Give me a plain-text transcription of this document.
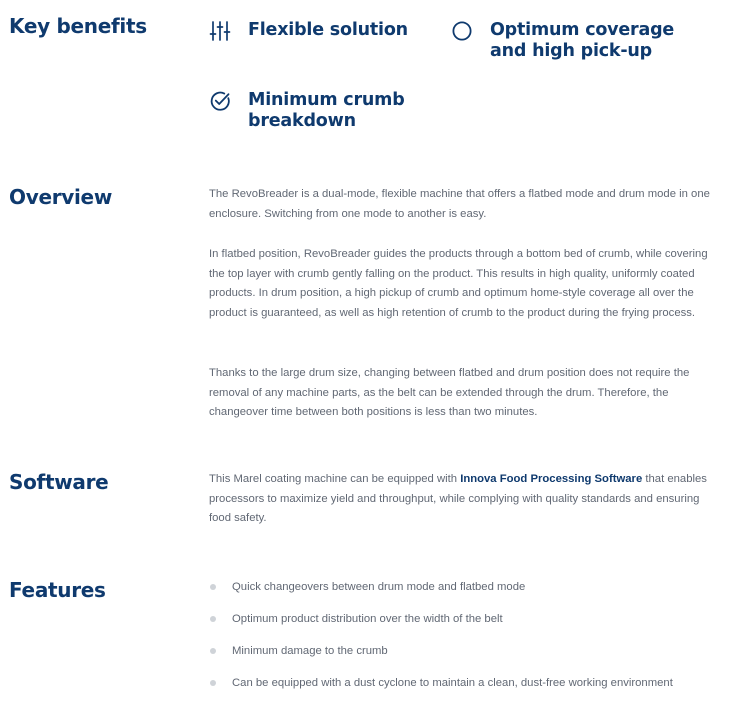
Key benefits	Flexible solution	Optimum coverage
and high pick-up
Minimum crumb
breakdown
Overview	The RevoBreader is a dual-mode, flexible machine that offers a flatbed mode and drum mode in one enclosure. Switching from one mode to another is easy.

In flatbed position, RevoBreader guides the products through a bottom bed of crumb, while covering the top layer with crumb gently falling on the product. This results in high quality, uniformly coated products. In drum position, a high pickup of crumb and optimum home-style coverage all over the product is guaranteed, as well as high retention of crumb to the product during the frying process.

Thanks to the large drum size, changing between flatbed and drum position does not require the removal of any machine parts, as the belt can be extended through the drum. Therefore, the changeover time between both positions is less than two minutes.

Software	This Marel coating machine can be equipped with Innova Food Processing Software that enables processors to maximize yield and throughput, while complying with quality standards and ensuring food safety.

Features	Quick changeovers between drum mode and flatbed mode
Optimum product distribution over the width of the belt
Minimum damage to the crumb
Can be equipped with a dust cyclone to maintain a clean, dust-free working environment
